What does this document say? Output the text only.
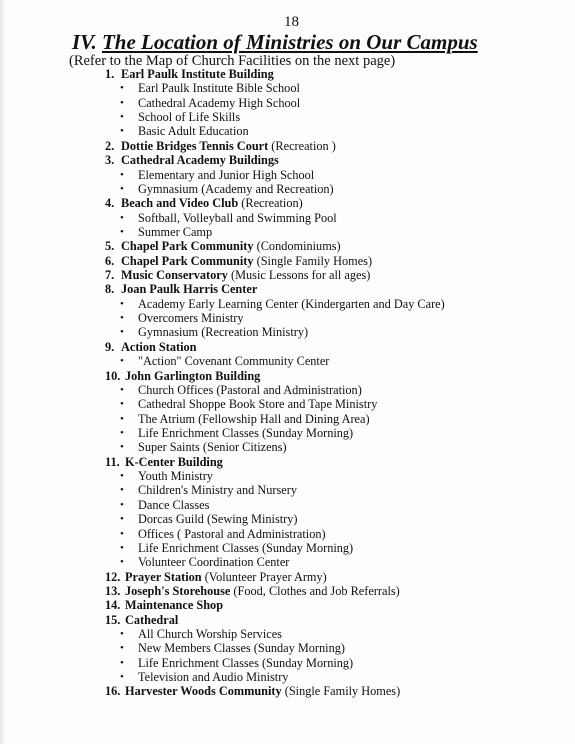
18
IV. The Location of Ministries on Our Campus
(Refer to the Map of Church Facilities on the next page)
1. Earl Paulk Institute Building
• Earl Paulk Institute Bible School
• Cathedral Academy High School
• School of Life Skills
• Basic Adult Education
2. Dottie Bridges Tennis Court (Recreation )
3. Cathedral Academy Buildings
• Elementary and Junior High School
• Gymnasium (Academy and Recreation)
4. Beach and Video Club (Recreation)
• Softball, Volleyball and Swimming Pool
• Summer Camp
5. Chapel Park Community (Condominiums)
6. Chapel Park Community (Single Family Homes)
7. Music Conservatory (Music Lessons for all ages)
8. Joan Paulk Harris Center
• Academy Early Learning Center (Kindergarten and Day Care)
• Overcomers Ministry
• Gymnasium (Recreation Ministry)
9. Action Station
• "Action" Covenant Community Center
10. John Garlington Building
• Church Offices (Pastoral and Administration)
• Cathedral Shoppe Book Store and Tape Ministry
• The Atrium (Fellowship Hall and Dining Area)
• Life Enrichment Classes (Sunday Morning)
• Super Saints (Senior Citizens)
11. K-Center Building
• Youth Ministry
• Children's Ministry and Nursery
• Dance Classes
• Dorcas Guild (Sewing Ministry)
• Offices ( Pastoral and Administration)
• Life Enrichment Classes (Sunday Morning)
• Volunteer Coordination Center
12. Prayer Station (Volunteer Prayer Army)
13. Joseph's Storehouse (Food, Clothes and Job Referrals)
14. Maintenance Shop
15. Cathedral
• All Church Worship Services
• New Members Classes (Sunday Morning)
• Life Enrichment Classes (Sunday Morning)
• Television and Audio Ministry
16. Harvester Woods Community (Single Family Homes)
